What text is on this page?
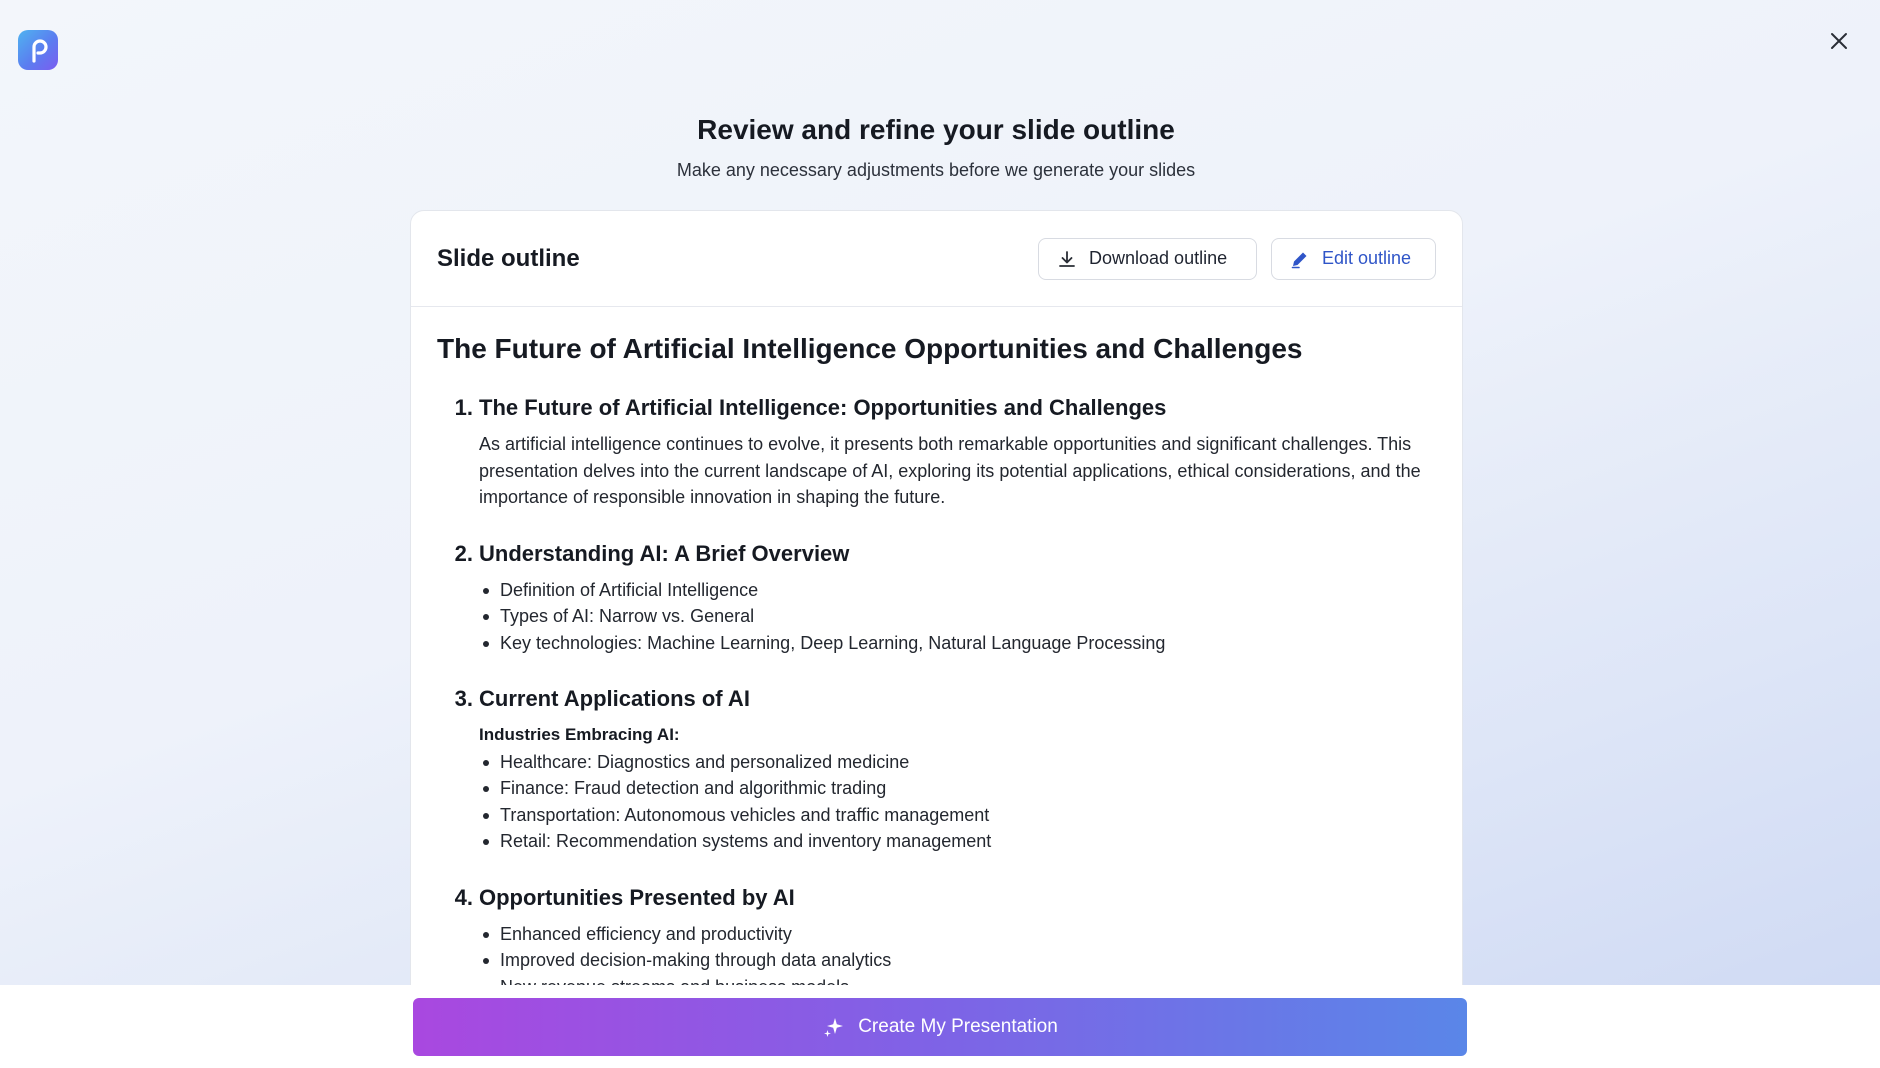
Review and refine your slide outline
Make any necessary adjustments before we generate your slides
Slide outline	Download outline	Edit outline
The Future of Artificial Intelligence Opportunities and Challenges
1. The Future of Artificial Intelligence: Opportunities and Challenges
As artificial intelligence continues to evolve, it presents both remarkable opportunities and significant challenges. This presentation delves into the current landscape of AI, exploring its potential applications, ethical considerations, and the importance of responsible innovation in shaping the future.
2. Understanding AI: A Brief Overview
Definition of Artificial Intelligence
Types of AI: Narrow vs. General
Key technologies: Machine Learning, Deep Learning, Natural Language Processing
3. Current Applications of AI
Industries Embracing AI:
Healthcare: Diagnostics and personalized medicine
Finance: Fraud detection and algorithmic trading
Transportation: Autonomous vehicles and traffic management
Retail: Recommendation systems and inventory management
4. Opportunities Presented by AI
Enhanced efficiency and productivity
Improved decision-making through data analytics
Create My Presentation
